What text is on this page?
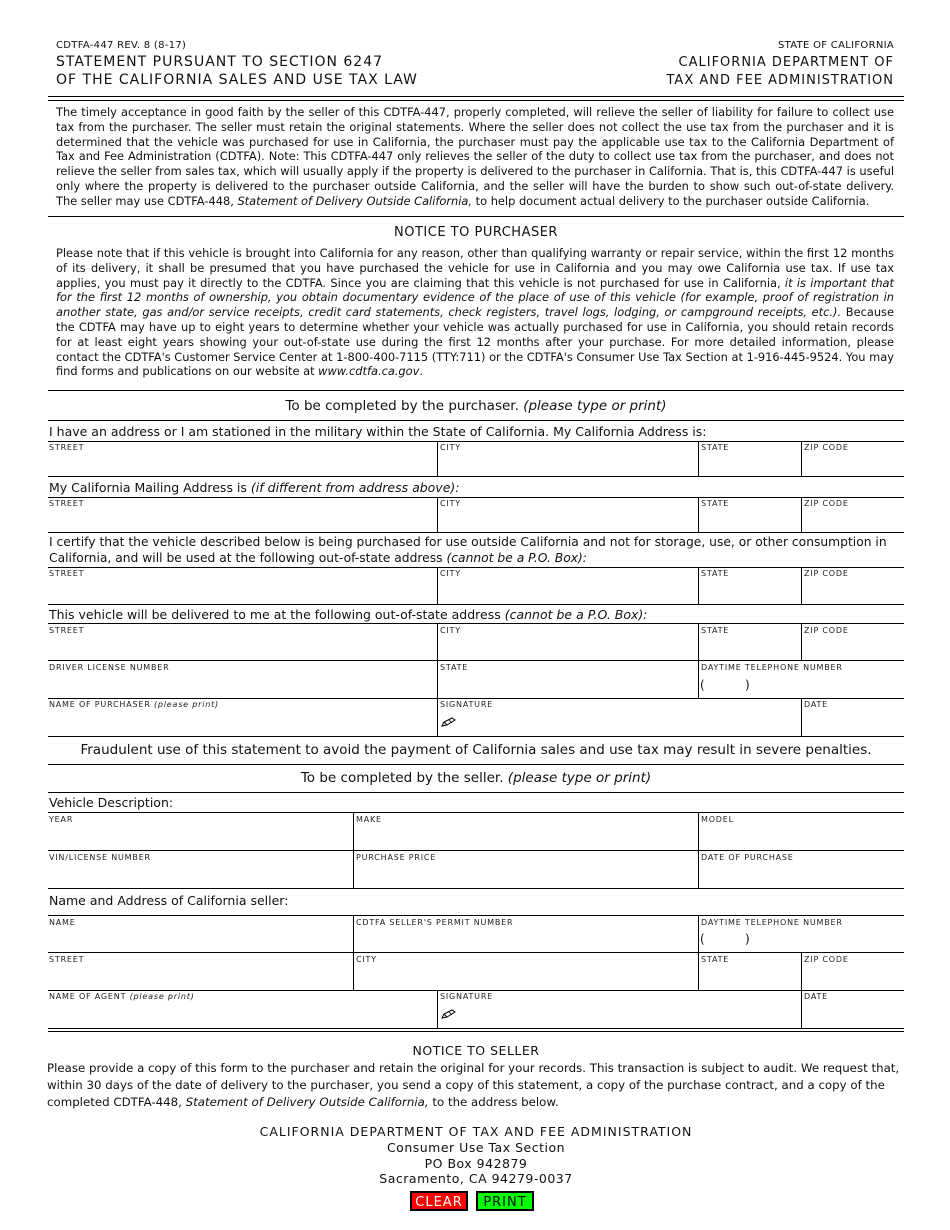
CDTFA-447 REV. 8 (8-17)
STATEMENT PURSUANT TO SECTION 6247
OF THE CALIFORNIA SALES AND USE TAX LAW
STATE OF CALIFORNIA
CALIFORNIA DEPARTMENT OF
TAX AND FEE ADMINISTRATION
The timely acceptance in good faith by the seller of this CDTFA-447, properly completed, will relieve the seller of liability for failure to collect use tax from the purchaser. The seller must retain the original statements. Where the seller does not collect the use tax from the purchaser and it is determined that the vehicle was purchased for use in California, the purchaser must pay the applicable use tax to the California Department of Tax and Fee Administration (CDTFA). Note: This CDTFA-447 only relieves the seller of the duty to collect use tax from the purchaser, and does not relieve the seller from sales tax, which will usually apply if the property is delivered to the purchaser in California. That is, this CDTFA-447 is useful only where the property is delivered to the purchaser outside California, and the seller will have the burden to show such out-of-state delivery. The seller may use CDTFA-448, Statement of Delivery Outside California, to help document actual delivery to the purchaser outside California.
NOTICE TO PURCHASER
Please note that if this vehicle is brought into California for any reason, other than qualifying warranty or repair service, within the first 12 months of its delivery, it shall be presumed that you have purchased the vehicle for use in California and you may owe California use tax. If use tax applies, you must pay it directly to the CDTFA. Since you are claiming that this vehicle is not purchased for use in California, it is important that for the first 12 months of ownership, you obtain documentary evidence of the place of use of this vehicle (for example, proof of registration in another state, gas and/or service receipts, credit card statements, check registers, travel logs, lodging, or campground receipts, etc.). Because the CDTFA may have up to eight years to determine whether your vehicle was actually purchased for use in California, you should retain records for at least eight years showing your out-of-state use during the first 12 months after your purchase. For more detailed information, please contact the CDTFA's Customer Service Center at 1-800-400-7115 (TTY:711) or the CDTFA's Consumer Use Tax Section at 1-916-445-9524. You may find forms and publications on our website at www.cdtfa.ca.gov.
To be completed by the purchaser. (please type or print)
I have an address or I am stationed in the military within the State of California. My California Address is:
STREET	CITY	STATE	ZIP CODE
My California Mailing Address is (if different from address above):
STREET	CITY	STATE	ZIP CODE
I certify that the vehicle described below is being purchased for use outside California and not for storage, use, or other consumption in California, and will be used at the following out-of-state address (cannot be a P.O. Box):
STREET	CITY	STATE	ZIP CODE
This vehicle will be delivered to me at the following out-of-state address (cannot be a P.O. Box):
STREET	CITY	STATE	ZIP CODE
DRIVER LICENSE NUMBER	STATE	DAYTIME TELEPHONE NUMBER
(	)
NAME OF PURCHASER (please print)	SIGNATURE	DATE
Fraudulent use of this statement to avoid the payment of California sales and use tax may result in severe penalties.
To be completed by the seller. (please type or print)
Vehicle Description:
YEAR	MAKE	MODEL
VIN/LICENSE NUMBER	PURCHASE PRICE	DATE OF PURCHASE
Name and Address of California seller:
NAME	CDTFA SELLER'S PERMIT NUMBER	DAYTIME TELEPHONE NUMBER
(	)
STREET	CITY	STATE	ZIP CODE
NAME OF AGENT (please print)	SIGNATURE	DATE
NOTICE TO SELLER
Please provide a copy of this form to the purchaser and retain the original for your records. This transaction is subject to audit. We request that, within 30 days of the date of delivery to the purchaser, you send a copy of this statement, a copy of the purchase contract, and a copy of the completed CDTFA-448, Statement of Delivery Outside California, to the address below.
CALIFORNIA DEPARTMENT OF TAX AND FEE ADMINISTRATION
Consumer Use Tax Section
PO Box 942879
Sacramento, CA 94279-0037
CLEAR	PRINT
